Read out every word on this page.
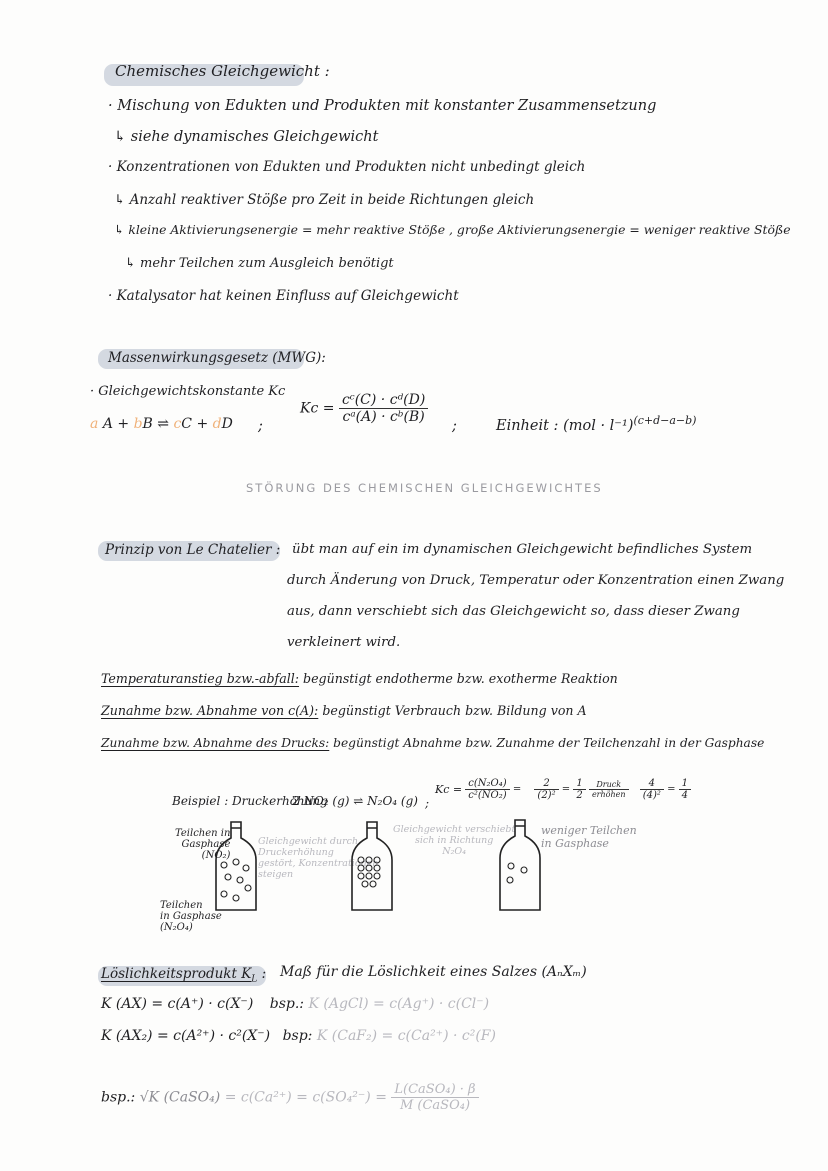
Chemisches Gleichgewicht :
· Mischung von Edukten und Produkten mit konstanter Zusammensetzung
↳ siehe dynamisches Gleichgewicht
· Konzentrationen von Edukten und Produkten nicht unbedingt gleich
↳ Anzahl reaktiver Stöße pro Zeit in beide Richtungen gleich
↳ kleine Aktivierungsenergie = mehr reaktive Stöße , große Aktivierungsenergie = weniger reaktive Stöße
↳ mehr Teilchen zum Ausgleich benötigt
· Katalysator hat keinen Einfluss auf Gleichgewicht
Massenwirkungsgesetz (MWG):
· Gleichgewichtskonstante Kc
a A + bB ⇌ cC + dD ;
$Kc = \frac{\text{cᶜ(C) · cᵈ(D)}}{\text{cᵃ(A) · cᵇ(B)}}$
;	Einheit : (mol · l⁻¹)$^{(c+d-a-b)}$
STÖRUNG DES CHEMISCHEN GLEICHGEWICHTES
Prinzip von Le Chatelier : übt man auf ein im dynamischen Gleichgewicht befindliches System
durch Änderung von Druck, Temperatur oder Konzentration einen Zwang
aus, dann verschiebt sich das Gleichgewicht so, dass dieser Zwang
verkleinert wird.
Temperaturanstieg bzw.-abfall: begünstigt endotherme bzw. exotherme Reaktion
Zunahme bzw. Abnahme von c(A): begünstigt Verbrauch bzw. Bildung von A
Zunahme bzw. Abnahme des Drucks: begünstigt Abnahme bzw. Zunahme der Teilchenzahl in der Gasphase
Beispiel : Druckerhöhung
2 NO₂ (g) ⇌ N₂O₄ (g) ;
$Kc = \frac{\text{c(N₂O₄)}}{\text{c²(NO₂)}} = \frac{2}{\text{(2)²}} = \frac{1}{2}$
$\frac{\text{Druck}}{\text{erhöhen}}$
$\frac{4}{\text{(4)²}} = \frac{1}{4}$
Teilchen in
Gasphase
(NO₂)
Teilchen
in Gasphase
(N₂O₄)
Gleichgewicht durch
Druckerhöhung
gestört, Konzentrationen
steigen
Gleichgewicht verschiebt
sich in Richtung
N₂O₄
weniger Teilchen
in Gasphase
Löslichkeitsprodukt $K_L$ : Maß für die Löslichkeit eines Salzes (AₙXₘ)
K (AX) = c(A⁺) · c(X⁻) bsp.: K (AgCl) = c(Ag⁺) · c(Cl⁻)
K (AX₂) = c(A²⁺) · c²(X⁻) bsp: K (CaF₂) = c(Ca²⁺) · c²(F)
bsp.: √K (CaSO₄) = $c(Ca^{2+}) = c(SO_4^{2-}) = \frac{\text{L(CaSO₄) · β}}{\text{M (CaSO₄)}}$
